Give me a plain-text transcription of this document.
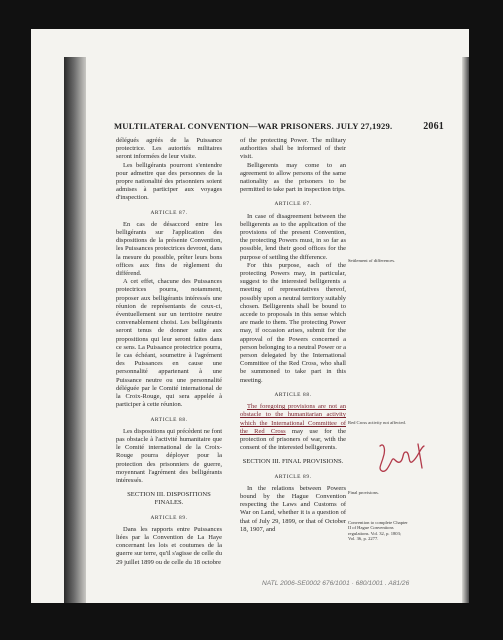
MULTILATERAL CONVENTION—WAR PRISONERS. JULY 27,1929.	2061

délégués agréés de la Puissance protectrice. Les autorités militaires seront informées de leur visite.

Les belligérants pourront s'entendre pour admettre que des personnes de la propre nationalité des prisonniers soient admises à participer aux voyages d'inspection.

ARTICLE 87.

En cas de désaccord entre les belligérants sur l'application des dispositions de la présente Convention, les Puissances protectrices devront, dans la mesure du possible, prêter leurs bons offices aux fins de règlement du différend.

A cet effet, chacune des Puissances protectrices pourra, notamment, proposer aux belligérants intéressés une réunion de représentants de ceux-ci, éventuellement sur un territoire neutre convenablement choisi. Les belligérants seront tenus de donner suite aux propositions qui leur seront faites dans ce sens. La Puissance protectrice pourra, le cas échéant, soumettre à l'agrément des Puissances en cause une personnalité appartenant à une Puissance neutre ou une personnalité déléguée par le Comité international de la Croix-Rouge, qui sera appelée à participer à cette réunion.

ARTICLE 88.

Les dispositions qui précèdent ne font pas obstacle à l'activité humanitaire que le Comité international de la Croix-Rouge pourra déployer pour la protection des prisonniers de guerre, moyennant l'agrément des belligérants intéressés.

SECTION III. DISPOSITIONS FINALES.
ARTICLE 89.

Dans les rapports entre Puissances liées par la Convention de La Haye concernant les lois et coutumes de la guerre sur terre, qu'il s'agisse de celle du 29 juillet 1899 ou de celle du 18 octobre

of the protecting Power. The military authorities shall be informed of their visit.

Belligerents may come to an agreement to allow persons of the same nationality as the prisoners to be permitted to take part in inspection trips.

ARTICLE 87.

In case of disagreement between the belligerents as to the application of the provisions of the present Convention, the protecting Powers must, in so far as possible, lend their good offices for the purpose of settling the difference.

For this purpose, each of the protecting Powers may, in particular, suggest to the interested belligerents a meeting of representatives thereof, possibly upon a neutral territory suitably chosen. Belligerents shall be bound to accede to proposals in this sense which are made to them. The protecting Power may, if occasion arises, submit for the approval of the Powers concerned a person belonging to a neutral Power or a person delegated by the International Committee of the Red Cross, who shall be summoned to take part in this meeting.

ARTICLE 88.

The foregoing provisions are not an obstacle to the humanitarian activity which the International Committee of the Red Cross may use for the protection of prisoners of war, with the consent of the interested belligerents.

SECTION III. FINAL PROVISIONS.
ARTICLE 89.

In the relations between Powers bound by the Hague Convention respecting the Laws and Customs of War on Land, whether it is a question of that of July 29, 1899, or that of October 18, 1907, and

Settlement of differences.
Red Cross activity not affected.
Final provisions.
Convention to complete Chapter II of Hague Conventions regulations. Vol. 32, p. 1803; Vol. 36, p. 2277.
NATL 2006-SE0002 676/1001 · 680/1001 . A81/26
